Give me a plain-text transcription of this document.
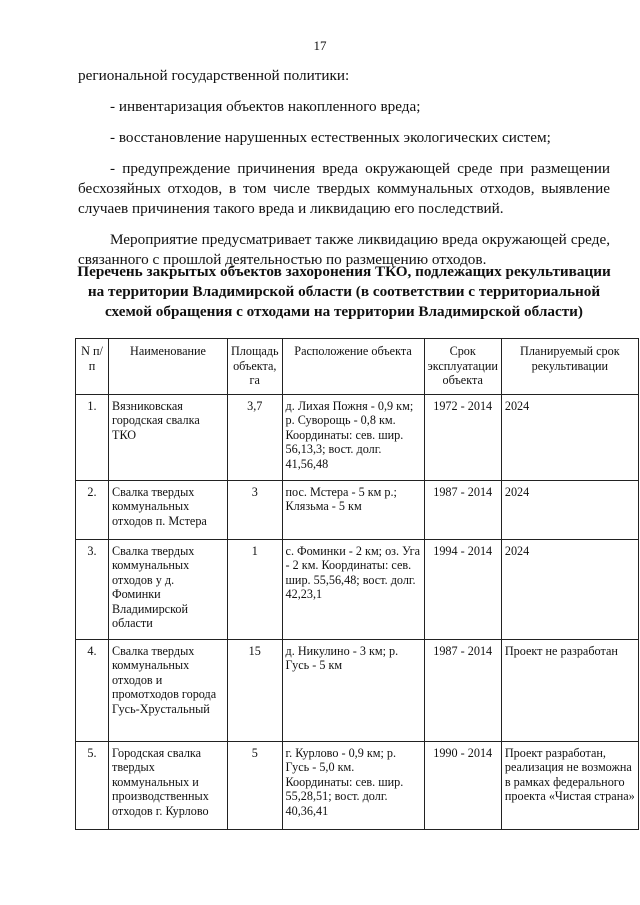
17

региональной государственной политики:

- инвентаризация объектов накопленного вреда;

- восстановление нарушенных естественных экологических систем;

- предупреждение причинения вреда окружающей среде при размещении бесхозяйных отходов, в том числе твердых коммунальных отходов, выявление случаев причинения такого вреда и ликвидацию его последствий.

Мероприятие предусматривает также ликвидацию вреда окружающей среде, связанного с прошлой деятельностью по размещению отходов.

Перечень закрытых объектов захоронения ТКО, подлежащих рекультивации на территории Владимирской области (в соответствии с территориальной схемой обращения с отходами на территории Владимирской области)
N п/п	Наименование	Площадь объекта, га	Расположение объекта	Срок эксплуатации объекта	Планируемый срок рекультивации
1.	Вязниковская городская свалка ТКО	3,7	д. Лихая Пожня - 0,9 км; р. Суворощь - 0,8 км. Координаты: сев. шир. 56,13,3; вост. долг. 41,56,48	1972 - 2014	2024
2.	Свалка твердых коммунальных отходов п. Мстера	3	пос. Мстера - 5 км р.; Клязьма - 5 км	1987 - 2014	2024
3.	Свалка твердых коммунальных отходов у д. Фоминки Владимирской области	1	с. Фоминки - 2 км; оз. Уга - 2 км. Координаты: сев. шир. 55,56,48; вост. долг. 42,23,1	1994 - 2014	2024
4.	Свалка твердых коммунальных отходов и промотходов города Гусь-Хрустальный	15	д. Никулино - 3 км; р. Гусь - 5 км	1987 - 2014	Проект не разработан
5.	Городская свалка твердых коммунальных и производственных отходов г. Курлово	5	г. Курлово - 0,9 км; р. Гусь - 5,0 км. Координаты: сев. шир. 55,28,51; вост. долг. 40,36,41	1990 - 2014	Проект разработан, реализация не возможна в рамках федерального проекта «Чистая страна»
